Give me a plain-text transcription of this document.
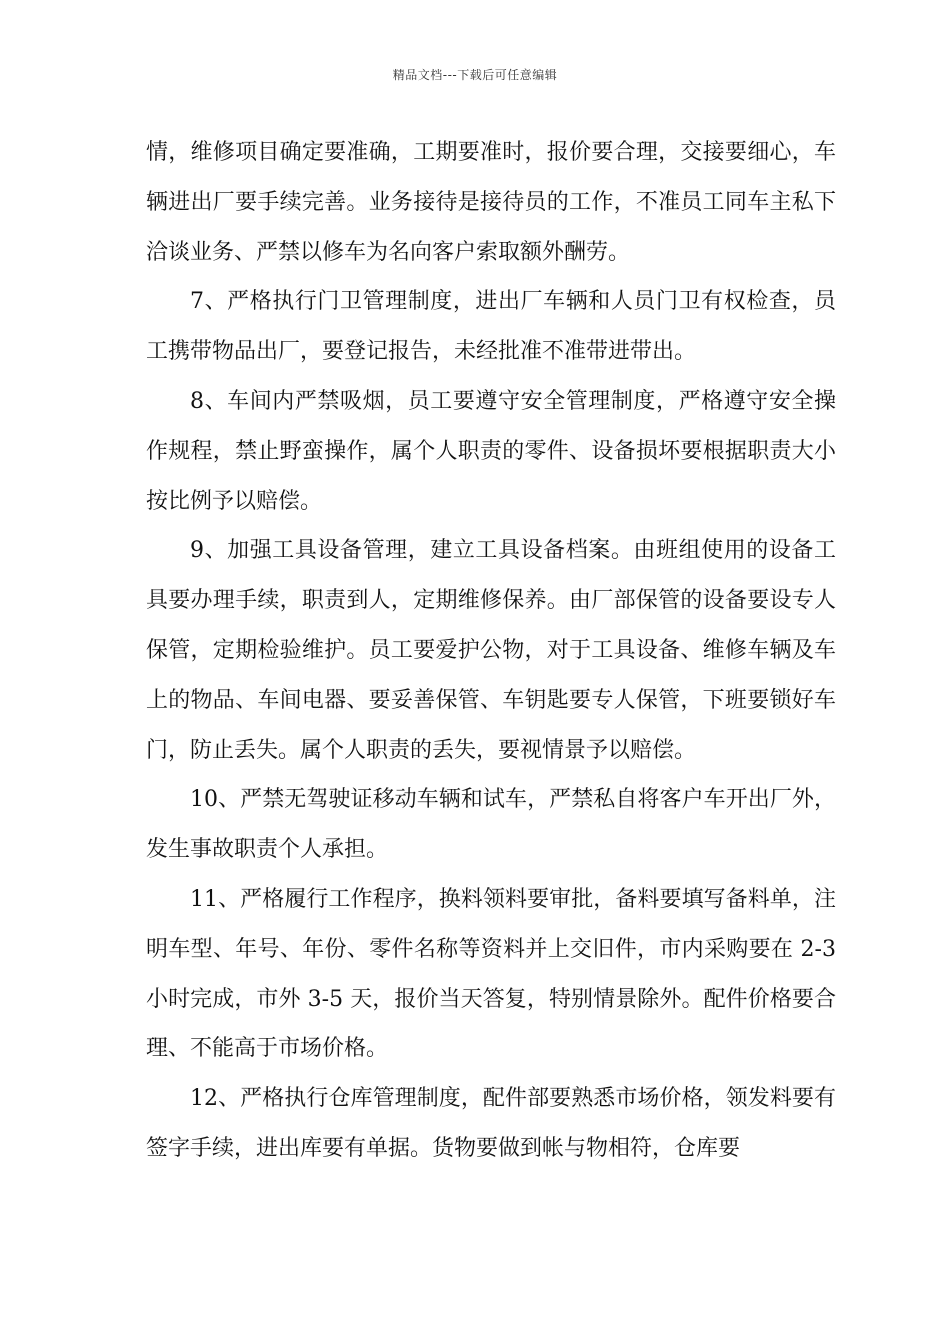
精品文档---下载后可任意编辑

情，维修项目确定要准确，工期要准时，报价要合理，交接要细心，车辆进出厂要手续完善。业务接待是接待员的工作，不准员工同车主私下洽谈业务、严禁以修车为名向客户索取额外酬劳。

7、严格执行门卫管理制度，进出厂车辆和人员门卫有权检查，员工携带物品出厂，要登记报告，未经批准不准带进带出。

8、车间内严禁吸烟，员工要遵守安全管理制度，严格遵守安全操作规程，禁止野蛮操作，属个人职责的零件、设备损坏要根据职责大小按比例予以赔偿。

9、加强工具设备管理，建立工具设备档案。由班组使用的设备工具要办理手续，职责到人，定期维修保养。由厂部保管的设备要设专人保管，定期检验维护。员工要爱护公物，对于工具设备、维修车辆及车上的物品、车间电器、要妥善保管、车钥匙要专人保管，下班要锁好车门，防止丢失。属个人职责的丢失，要视情景予以赔偿。

10、严禁无驾驶证移动车辆和试车，严禁私自将客户车开出厂外，发生事故职责个人承担。

11、严格履行工作程序，换料领料要审批，备料要填写备料单，注明车型、年号、年份、零件名称等资料并上交旧件，市内采购要在 2-3 小时完成，市外 3-5 天，报价当天答复，特别情景除外。配件价格要合理、不能高于市场价格。

12、严格执行仓库管理制度，配件部要熟悉市场价格，领发料要有签字手续，进出库要有单据。货物要做到帐与物相符，仓库要
